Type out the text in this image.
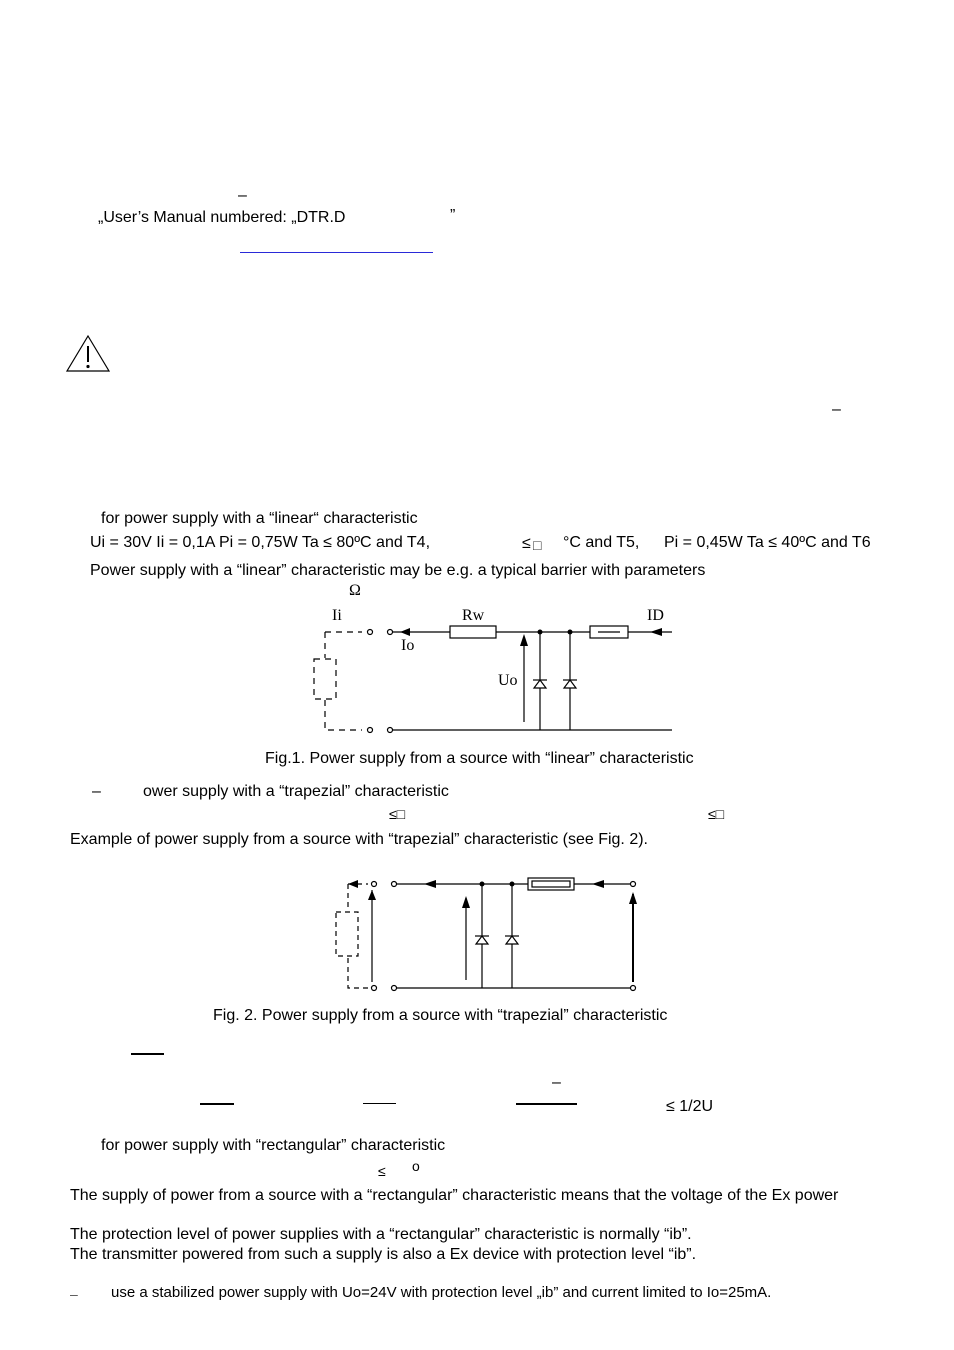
–
„User’s Manual numbered: „DTR.D	”
–
for power supply with a “linear“ characteristic
Ui = 30V Ii = 0,1A Pi = 0,75W Ta ≤ 80ºC and T4,	≤ □ °C and T5, Pi = 0,45W Ta ≤ 40ºC and T6
Power supply with a “linear” characteristic may be e.g. a typical barrier with parameters
Ω
Ii	Rw	ID
Io
Uo
Fig.1. Power supply from a source with “linear” characteristic
–	ower supply with a “trapezial” characteristic
≤□	≤□
Example of power supply from a source with “trapezial” characteristic (see Fig. 2).
Fig. 2. Power supply from a source with “trapezial” characteristic
–
≤ 1/2U
for power supply with “rectangular” characteristic
≤ o
The supply of power from a source with a “rectangular” characteristic means that the voltage of the Ex power
The protection level of power supplies with a “rectangular” characteristic is normally “ib”.
The transmitter powered from such a supply is also a Ex device with protection level “ib”.
– use a stabilized power supply with Uo=24V with protection level „ib” and current limited to Io=25mA.
